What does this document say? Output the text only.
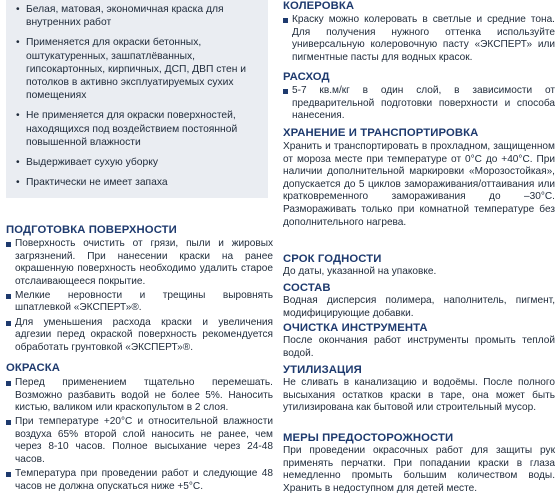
• Белая, матовая, экономичная краска для внутренних работ
• Применяется для окраски бетонных, оштукатуренных, зашпатлёванных, гипсокартонных, кирпичных, ДСП, ДВП стен и потолков в активно эксплуатируемых сухих помещениях
• Не применяется для окраски поверхностей, находящихся под воздействием постоянной повышенной влажности
• Выдерживает сухую уборку
• Практически не имеет запаха
ПОДГОТОВКА ПОВЕРХНОСТИ
Поверхность очистить от грязи, пыли и жировых загрязнений. При нанесении краски на ранее окрашенную поверхность необходимо удалить старое отслаивающееся покрытие.
Мелкие неровности и трещины выровнять шпатлевкой «ЭКСПЕРТ»®.
Для уменьшения расхода краски и увеличения адгезии перед окраской поверхность рекомендуется обработать грунтовкой «ЭКСПЕРТ»®.
ОКРАСКА
Перед применением тщательно перемешать. Возможно разбавить водой не более 5%. Наносить кистью, валиком или краскопультом в 2 слоя.
При температуре +20°С и относительной влажности воздуха 65% второй слой наносить не ранее, чем через 8-10 часов. Полное высыхание через 24-48 часов.
Температура при проведении работ и следующие 48 часов не должна опускаться ниже +5°С.
КОЛЕРОВКА
Краску можно колеровать в светлые и средние тона. Для получения нужного оттенка используйте универсальную колеровочную пасту «ЭКСПЕРТ» или пигментные пасты для водных красок.
РАСХОД
5-7 кв.м/кг в один слой, в зависимости от предварительной подготовки поверхности и способа нанесения.
ХРАНЕНИЕ И ТРАНСПОРТИРОВКА

Хранить и транспортировать в прохладном, защищенном от мороза месте при температуре от 0°С до +40°С. При наличии дополнительной маркировки «Морозостойкая», допускается до 5 циклов замораживания/оттаивания или кратковременного замораживания до –30°С. Размораживать только при комнатной температуре без дополнительного нагрева.

СРОК ГОДНОСТИ

До даты, указанной на упаковке.

СОСТАВ

Водная дисперсия полимера, наполнитель, пигмент, модифицирующие добавки.

ОЧИСТКА ИНСТРУМЕНТА

После окончания работ инструменты промыть теплой водой.

УТИЛИЗАЦИЯ

Не сливать в канализацию и водоёмы. После полного высыхания остатков краски в таре, она может быть утилизирована как бытовой или строительный мусор.

МЕРЫ ПРЕДОСТОРОЖНОСТИ

При проведении окрасочных работ для защиты рук применять перчатки. При попадании краски в глаза немедленно промыть большим количеством воды. Хранить в недоступном для детей месте.
